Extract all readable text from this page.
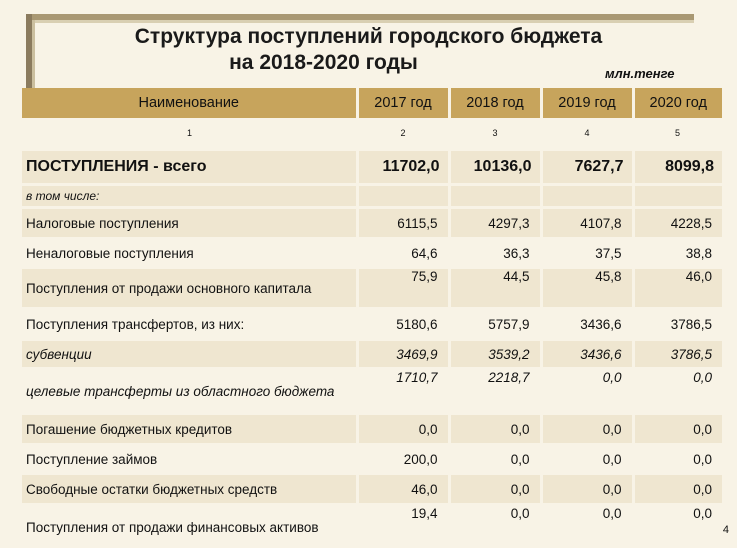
Структура поступлений городского бюджета
на 2018-2020 годы	млн.тенге
Наименование	2017 год	2018 год	2019 год	2020 год
1	2	3	4	5
ПОСТУПЛЕНИЯ - всего	11702,0	10136,0	7627,7	8099,8
в том числе:				
Налоговые поступления	6115,5	4297,3	4107,8	4228,5
Неналоговые поступления	64,6	36,3	37,5	38,8
Поступления от продажи основного капитала	75,9	44,5	45,8	46,0
Поступления трансфертов, из них:	5180,6	5757,9	3436,6	3786,5
субвенции	3469,9	3539,2	3436,6	3786,5
целевые трансферты из областного бюджета	1710,7	2218,7	0,0	0,0
Погашение бюджетных кредитов	0,0	0,0	0,0	0,0
Поступление займов	200,0	0,0	0,0	0,0
Свободные остатки бюджетных средств	46,0	0,0	0,0	0,0
Поступления от продажи финансовых активов	19,4	0,0	0,0	0,0
4
